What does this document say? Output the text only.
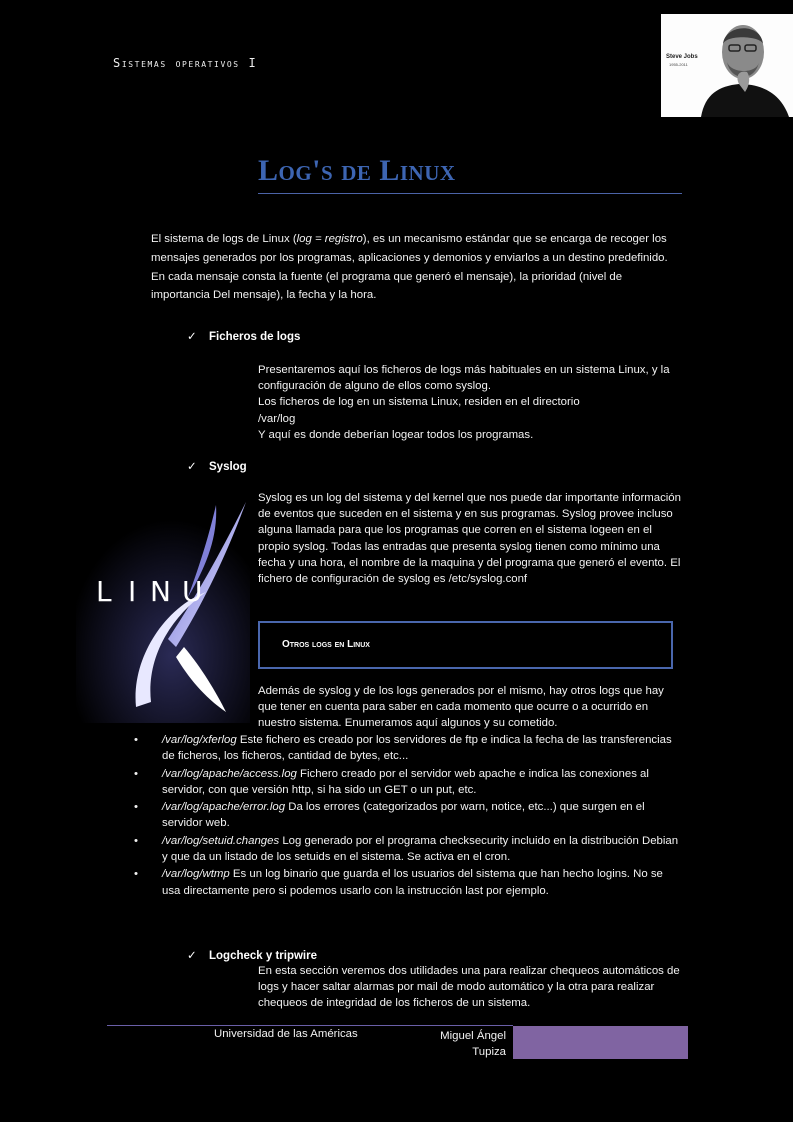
Sistemas operativos I	Steve Jobs
1955-2011
Log's de Linux
El sistema de logs de Linux (log = registro), es un mecanismo estándar que se encarga de recoger los mensajes generados por los programas, aplicaciones y demonios y enviarlos a un destino predefinido. En cada mensaje consta la fuente (el programa que generó el mensaje), la prioridad (nivel de importancia Del mensaje), la fecha y la hora.
✓ Ficheros de logs
Presentaremos aquí los ficheros de logs más habituales en un sistema Linux, y la configuración de alguno de ellos como syslog.
Los ficheros de log en un sistema Linux, residen en el directorio
/var/log
Y aquí es donde deberían logear todos los programas.
✓ Syslog
L I N U
Syslog es un log del sistema y del kernel que nos puede dar importante información de eventos que suceden en el sistema y en sus programas. Syslog provee incluso alguna llamada para que los programas que corren en el sistema logeen en el propio syslog. Todas las entradas que presenta syslog tienen como mínimo una fecha y una hora, el nombre de la maquina y del programa que generó el evento. El fichero de configuración de syslog es /etc/syslog.conf
Otros logs en Linux
Además de syslog y de los logs generados por el mismo, hay otros logs que hay que tener en cuenta para saber en cada momento que ocurre o a ocurrido en nuestro sistema. Enumeramos aquí algunos y su cometido.
• /var/log/xferlog Este fichero es creado por los servidores de ftp e indica la fecha de las transferencias de ficheros, los ficheros, cantidad de bytes, etc...
• /var/log/apache/access.log Fichero creado por el servidor web apache e indica las conexiones al servidor, con que versión http, si ha sido un GET o un put, etc.
• /var/log/apache/error.log Da los errores (categorizados por warn, notice, etc...) que surgen en el servidor web.
• /var/log/setuid.changes Log generado por el programa checksecurity incluido en la distribución Debian y que da un listado de los setuids en el sistema. Se activa en el cron.
• /var/log/wtmp Es un log binario que guarda el los usuarios del sistema que han hecho logins. No se usa directamente pero si podemos usarlo con la instrucción last por ejemplo.
✓ Logcheck y tripwire
En esta sección veremos dos utilidades una para realizar chequeos automáticos de logs y hacer saltar alarmas por mail de modo automático y la otra para realizar chequeos de integridad de los ficheros de un sistema.
Universidad de las Américas	Miguel Ángel Tupiza
